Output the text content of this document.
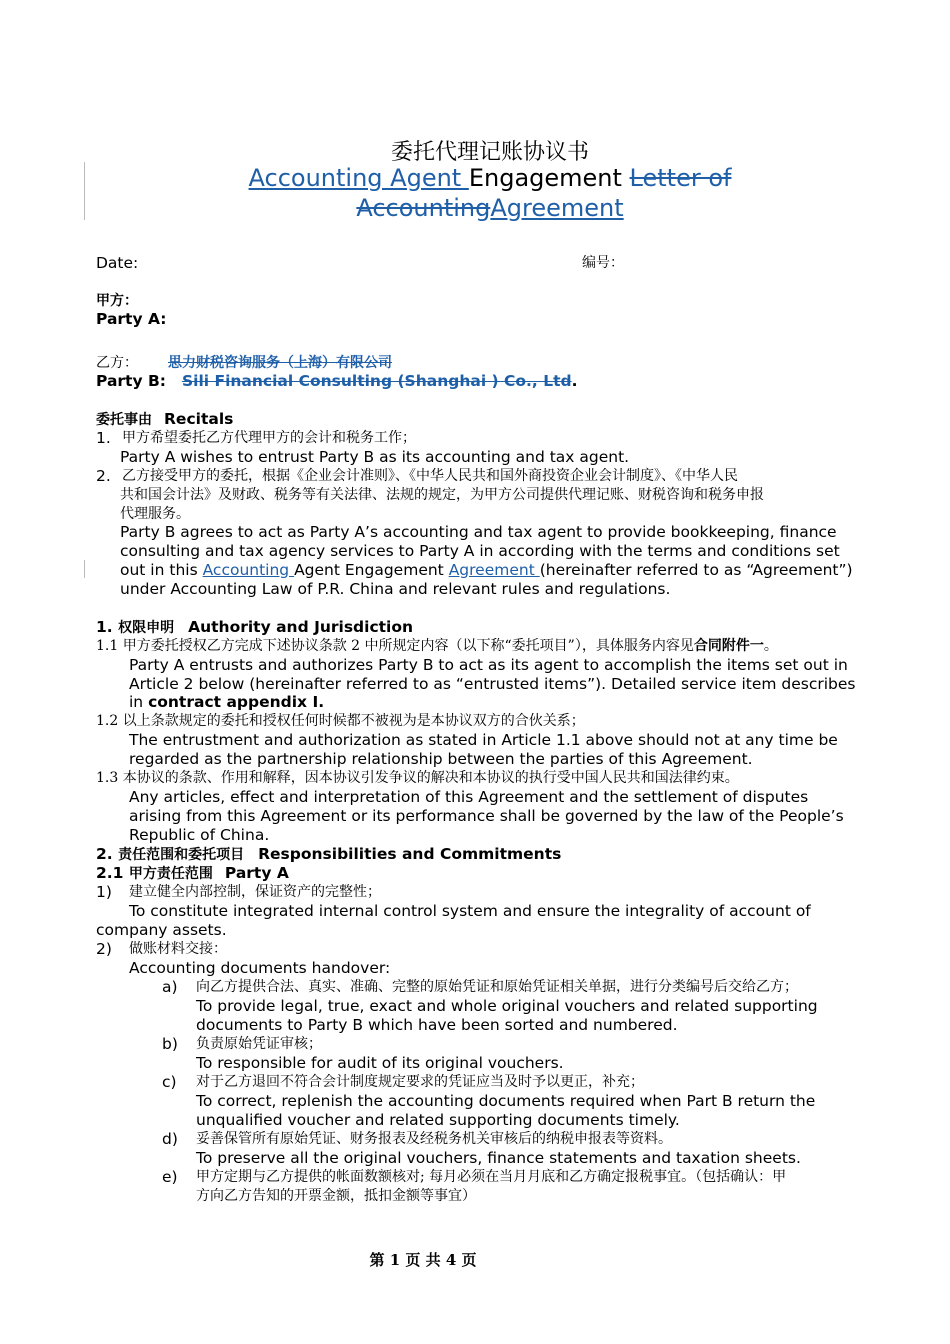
委托代理记账协议书
Accounting Agent Engagement Letter of
AccountingAgreement
Date:	编号：
甲方：
Party A:
乙方： 思力财税咨询服务（上海）有限公司
Party B: Sili Financial Consulting (Shanghai ) Co., Ltd.
委托事由 Recitals
1. 甲方希望委托乙方代理甲方的会计和税务工作；
Party A wishes to entrust Party B as its accounting and tax agent.
2. 乙方接受甲方的委托，根据《企业会计准则》、《中华人民共和国外商投资企业会计制度》、《中华人民
共和国会计法》及财政、税务等有关法律、法规的规定，为甲方公司提供代理记账、财税咨询和税务申报
代理服务。
Party B agrees to act as Party A’s accounting and tax agent to provide bookkeeping, finance
consulting and tax agency services to Party A in according with the terms and conditions set
out in this Accounting Agent Engagement Agreement (hereinafter referred to as “Agreement”)
under Accounting Law of P.R. China and relevant rules and regulations.
1. 权限申明 Authority and Jurisdiction
1.1 甲方委托授权乙方完成下述协议条款 2 中所规定内容（以下称“委托项目”），具体服务内容见合同附件一。
Party A entrusts and authorizes Party B to act as its agent to accomplish the items set out in
Article 2 below (hereinafter referred to as “entrusted items”). Detailed service item describes
in contract appendix I.
1.2 以上条款规定的委托和授权任何时候都不被视为是本协议双方的合伙关系；
The entrustment and authorization as stated in Article 1.1 above should not at any time be
regarded as the partnership relationship between the parties of this Agreement.
1.3 本协议的条款、作用和解释，因本协议引发争议的解决和本协议的执行受中国人民共和国法律约束。
Any articles, effect and interpretation of this Agreement and the settlement of disputes
arising from this Agreement or its performance shall be governed by the law of the People’s
Republic of China.
2. 责任范围和委托项目 Responsibilities and Commitments
2.1 甲方责任范围 Party A
1) 建立健全内部控制，保证资产的完整性；
To constitute integrated internal control system and ensure the integrality of account of
company assets.
2) 做账材料交接：
Accounting documents handover:
a) 向乙方提供合法、真实、准确、完整的原始凭证和原始凭证相关单据，进行分类编号后交给乙方；
To provide legal, true, exact and whole original vouchers and related supporting
documents to Party B which have been sorted and numbered.
b) 负责原始凭证审核；
To responsible for audit of its original vouchers.
c) 对于乙方退回不符合会计制度规定要求的凭证应当及时予以更正，补充；
To correct, replenish the accounting documents required when Part B return the
unqualified voucher and related supporting documents timely.
d) 妥善保管所有原始凭证、财务报表及经税务机关审核后的纳税申报表等资料。
To preserve all the original vouchers, finance statements and taxation sheets.
e) 甲方定期与乙方提供的帐面数额核对; 每月必须在当月月底和乙方确定报税事宜。（包括确认：甲
方向乙方告知的开票金额，抵扣金额等事宜）
第 1 页 共 4 页
